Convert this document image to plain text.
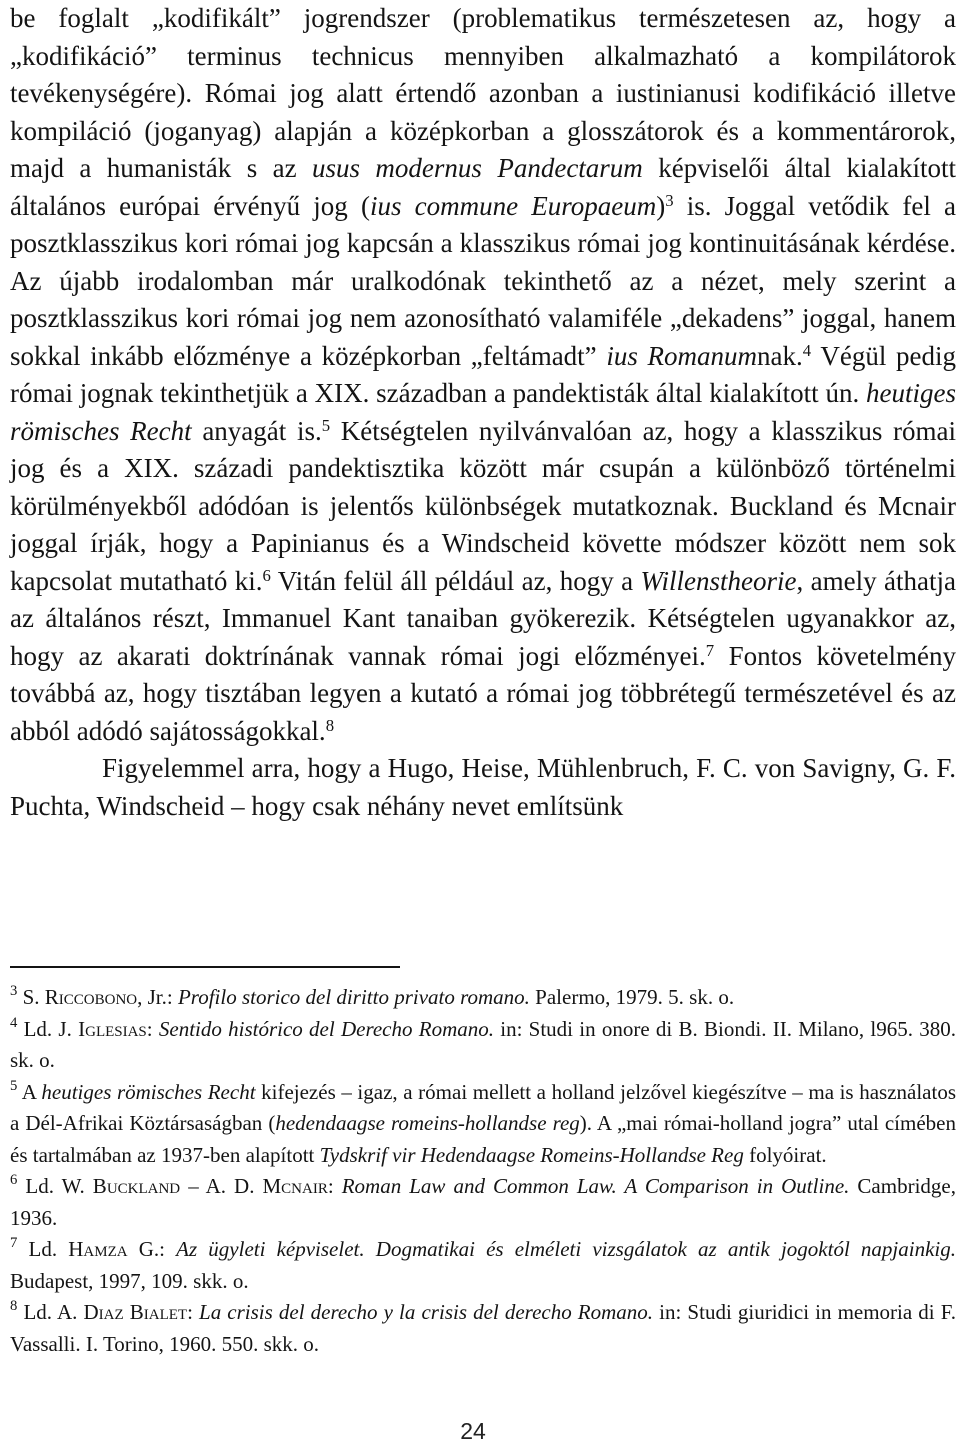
be foglalt „kodifikált” jogrendszer (problematikus természetesen az, hogy a „kodifikáció” terminus technicus mennyiben alkalmazható a kompilátorok tevékenységére). Római jog alatt értendő azonban a iustinianusi kodifikáció illetve kompiláció (joganyag) alapján a középkorban a glosszátorok és a kommentárorok, majd a humanisták s az usus modernus Pandectarum képviselői által kialakított általános európai érvényű jog (ius commune Europaeum)$^3$ is. Joggal vetődik fel a posztklasszikus kori római jog kapcsán a klasszikus római jog kontinuitásának kérdése. Az újabb irodalomban már uralkodónak tekinthető az a nézet, mely szerint a posztklasszikus kori római jog nem azonosítható valamiféle „dekadens” joggal, hanem sokkal inkább előzménye a középkorban „feltámadt” ius Romanumnak.$^4$ Végül pedig római jognak tekinthetjük a XIX. században a pandektisták által kialakított ún. heutiges römisches Recht anyagát is.$^5$ Kétségtelen nyilvánvalóan az, hogy a klasszikus római jog és a XIX. századi pandektisztika között már csupán a különböző történelmi körülményekből adódóan is jelentős különbségek mutatkoznak. Buckland és Mcnair joggal írják, hogy a Papinianus és a Windscheid követte módszer között nem sok kapcsolat mutatható ki.$^6$ Vitán felül áll például az, hogy a Willenstheorie, amely áthatja az általános részt, Immanuel Kant tanaiban gyökerezik. Kétségtelen ugyanakkor az, hogy az akarati doktrínának vannak római jogi előzményei.$^7$ Fontos követelmény továbbá az, hogy tisztában legyen a kutató a római jog többrétegű természetével és az abból adódó sajátosságokkal.$^8$

Figyelemmel arra, hogy a Hugo, Heise, Mühlenbruch, F. C. von Savigny, G. F. Puchta, Windscheid – hogy csak néhány nevet említsünk

$^3$ S. Riccobono, Jr.: Profilo storico del diritto privato romano. Palermo, 1979. 5. sk. o.

$^4$ Ld. J. Iglesias: Sentido histórico del Derecho Romano. in: Studi in onore di B. Biondi. II. Milano, l965. 380. sk. o.

$^5$ A heutiges römisches Recht kifejezés – igaz, a római mellett a holland jelzővel kiegészítve – ma is használatos a Dél-Afrikai Köztársaságban (hedendaagse romeins-hollandse reg). A „mai római-holland jogra” utal címében és tartalmában az 1937-ben alapított Tydskrif vir Hedendaagse Romeins-Hollandse Reg folyóirat.

$^6$ Ld. W. Buckland – A. D. Mcnair: Roman Law and Common Law. A Comparison in Outline. Cambridge, 1936.

$^7$ Ld. Hamza G.: Az ügyleti képviselet. Dogmatikai és elméleti vizsgálatok az antik jogoktól napjainkig. Budapest, 1997, 109. skk. o.

$^8$ Ld. A. Diaz Bialet: La crisis del derecho y la crisis del derecho Romano. in: Studi giuridici in memoria di F. Vassalli. I. Torino, 1960. 550. skk. o.

24
